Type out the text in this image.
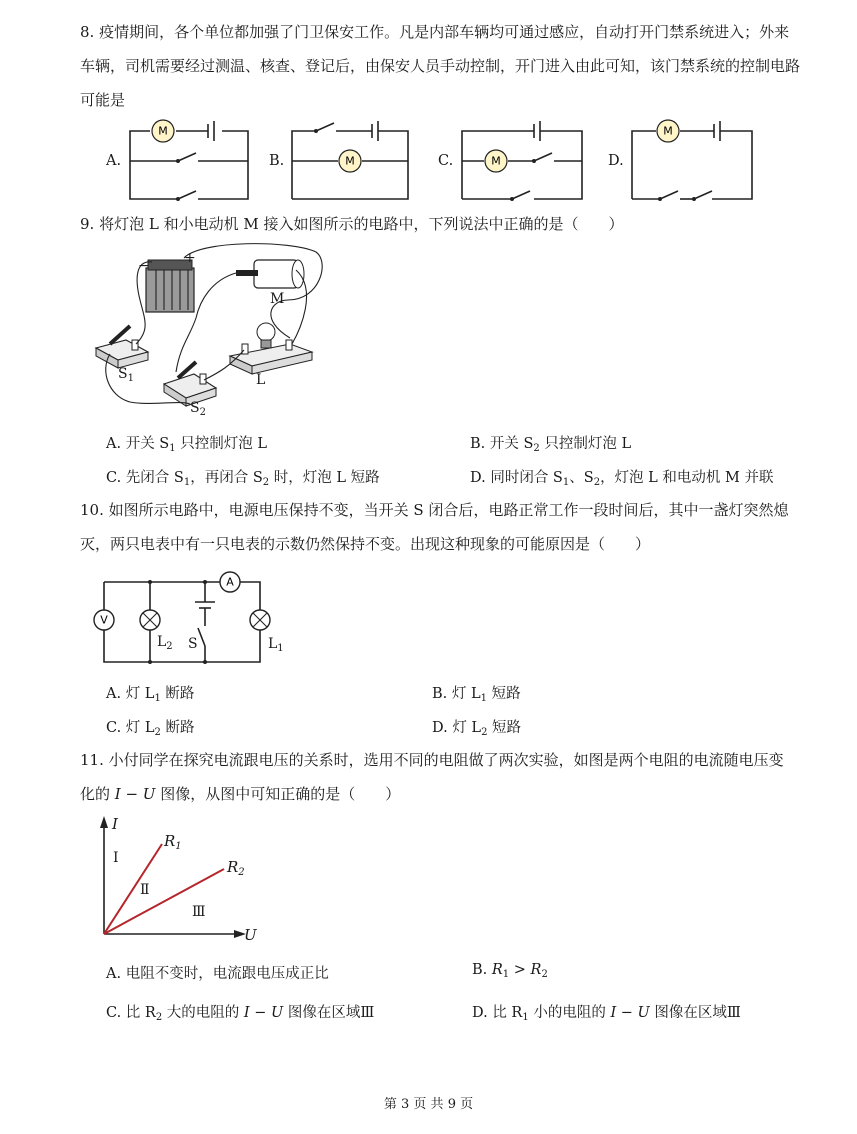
8. 疫情期间，各个单位都加强了门卫保安工作。凡是内部车辆均可通过感应，自动打开门禁系统进入；外来
车辆，司机需要经过测温、核查、登记后，由保安人员手动控制，开门进入由此可知，该门禁系统的控制电路
可能是
A.
M
M	M
M
B.	C.	D.
9. 将灯泡 L 和小电动机 M 接入如图所示的电路中，下列说法中正确的是（　　）
− +
M
L
$S_1$
$S_2$
A. 开关 $S_1$ 只控制灯泡 L	B. 开关 $S_2$ 只控制灯泡 L
C. 先闭合 $S_1$，再闭合 $S_2$ 时，灯泡 L 短路	D. 同时闭合 $S_1$、$S_2$，灯泡 L 和电动机 M 并联
10. 如图所示电路中，电源电压保持不变，当开关 S 闭合后，电路正常工作一段时间后，其中一盏灯突然熄
灭，两只电表中有一只电表的示数仍然保持不变。出现这种现象的可能原因是（　　）
V
A
$L_2$ S	$L_1$
A. 灯 $L_1$ 断路	B. 灯 $L_1$ 短路
C. 灯 $L_2$ 断路	D. 灯 $L_2$ 短路
11. 小付同学在探究电流跟电压的关系时，选用不同的电阻做了两次实验，如图是两个电阻的电流随电压变
化的 I − U 图像，从图中可知正确的是（　　）
I
U
$R_1$
$R_2$
Ⅰ
Ⅱ
Ⅲ
A. 电阻不变时，电流跟电压成正比	B. $R_1 > R_2$
C. 比 $R_2$ 大的电阻的 I − U 图像在区域Ⅲ	D. 比 $R_1$ 小的电阻的 I − U 图像在区域Ⅲ
第 3 页 共 9 页
